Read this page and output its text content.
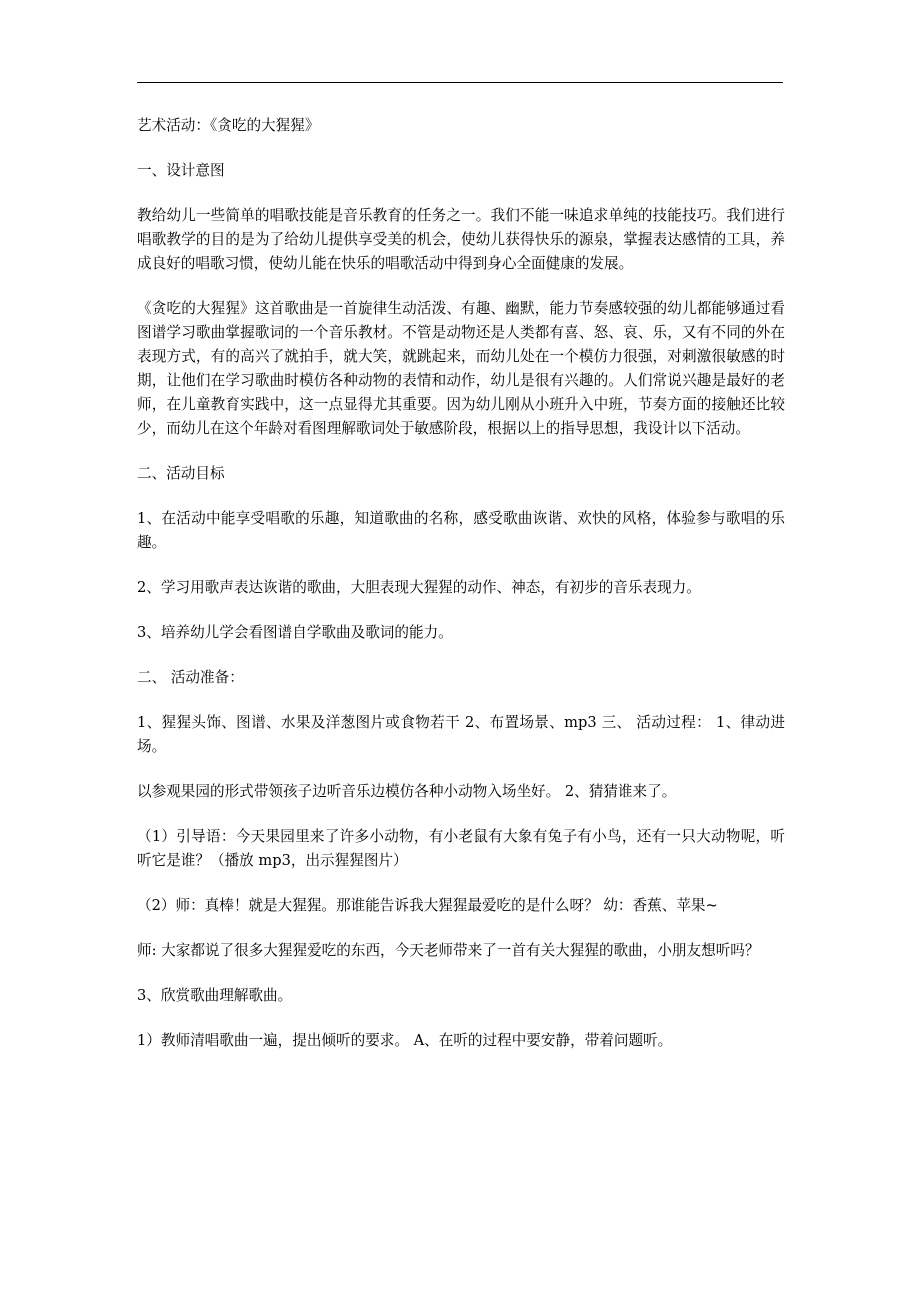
艺术活动：《贪吃的大猩猩》

一、设计意图

教给幼儿一些简单的唱歌技能是音乐教育的任务之一。我们不能一味追求单纯的技能技巧。我们进行唱歌教学的目的是为了给幼儿提供享受美的机会，使幼儿获得快乐的源泉，掌握表达感情的工具，养成良好的唱歌习惯，使幼儿能在快乐的唱歌活动中得到身心全面健康的发展。

《贪吃的大猩猩》这首歌曲是一首旋律生动活泼、有趣、幽默，能力节奏感较强的幼儿都能够通过看图谱学习歌曲掌握歌词的一个音乐教材。不管是动物还是人类都有喜、怒、哀、乐，又有不同的外在表现方式，有的高兴了就拍手，就大笑，就跳起来，而幼儿处在一个模仿力很强，对刺激很敏感的时期，让他们在学习歌曲时模仿各种动物的表情和动作，幼儿是很有兴趣的。人们常说兴趣是最好的老师，在儿童教育实践中，这一点显得尤其重要。因为幼儿刚从小班升入中班，节奏方面的接触还比较少，而幼儿在这个年龄对看图理解歌词处于敏感阶段，根据以上的指导思想，我设计以下活动。

二、活动目标

1、在活动中能享受唱歌的乐趣，知道歌曲的名称，感受歌曲诙谐、欢快的风格，体验参与歌唱的乐趣。

2、学习用歌声表达诙谐的歌曲，大胆表现大猩猩的动作、神态，有初步的音乐表现力。

3、培养幼儿学会看图谱自学歌曲及歌词的能力。

二、 活动准备：

1、猩猩头饰、图谱、水果及洋葱图片或食物若干 2、布置场景、mp3 三、 活动过程： 1、律动进场。

以参观果园的形式带领孩子边听音乐边模仿各种小动物入场坐好。 2、猜猜谁来了。

（1）引导语：今天果园里来了许多小动物，有小老鼠有大象有兔子有小鸟，还有一只大动物呢，听听它是谁？（播放 mp3，出示猩猩图片）

（2）师：真棒！就是大猩猩。那谁能告诉我大猩猩最爱吃的是什么呀？ 幼：香蕉、苹果~

师: 大家都说了很多大猩猩爱吃的东西，今天老师带来了一首有关大猩猩的歌曲，小朋友想听吗？

3、欣赏歌曲理解歌曲。

1）教师清唱歌曲一遍，提出倾听的要求。 A、在听的过程中要安静，带着问题听。
